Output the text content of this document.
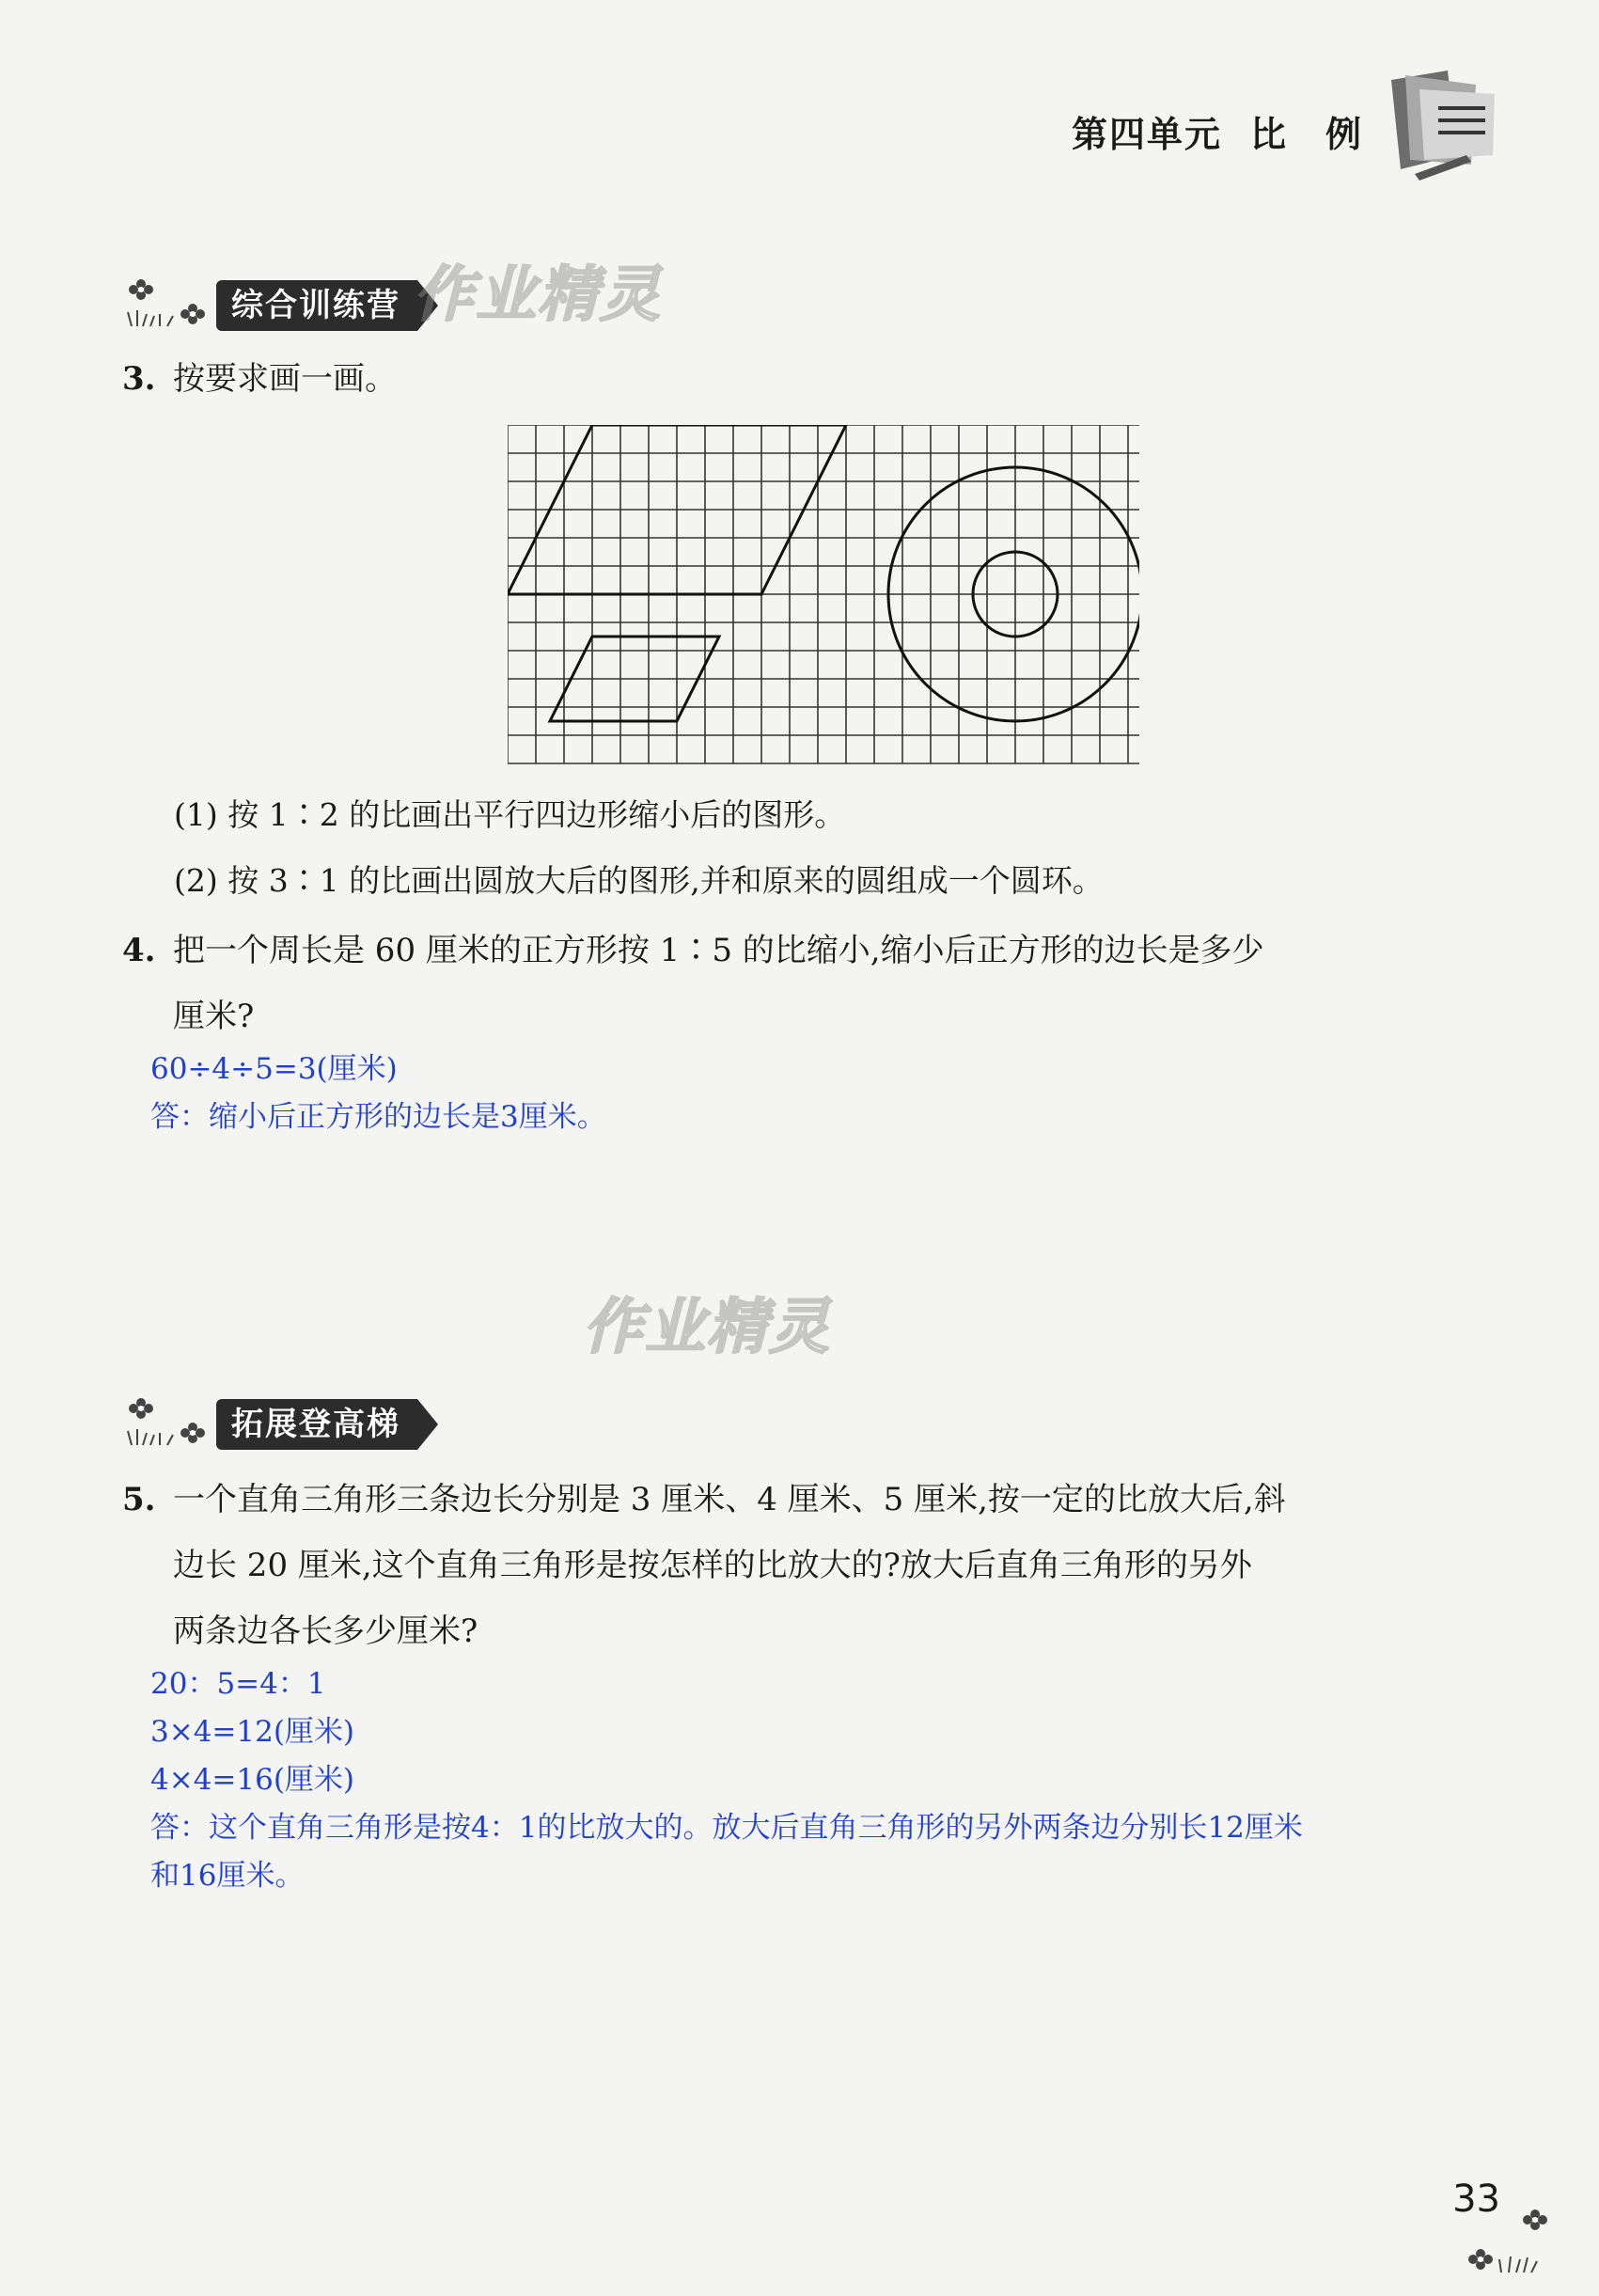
第四单元 比　例
综合训练营 作业精灵
3. 按要求画一画。
(1) 按 1∶2 的比画出平行四边形缩小后的图形。
(2) 按 3∶1 的比画出圆放大后的图形,并和原来的圆组成一个圆环。
4. 把一个周长是 60 厘米的正方形按 1∶5 的比缩小,缩小后正方形的边长是多少
厘米?
60÷4÷5=3(厘米)
答：缩小后正方形的边长是3厘米。
作业精灵
拓展登高梯
5. 一个直角三角形三条边长分别是 3 厘米、4 厘米、5 厘米,按一定的比放大后,斜
边长 20 厘米,这个直角三角形是按怎样的比放大的?放大后直角三角形的另外
两条边各长多少厘米?
20：5=4：1
3×4=12(厘米)
4×4=16(厘米)
答：这个直角三角形是按4：1的比放大的。放大后直角三角形的另外两条边分别长12厘米
和16厘米。
33
